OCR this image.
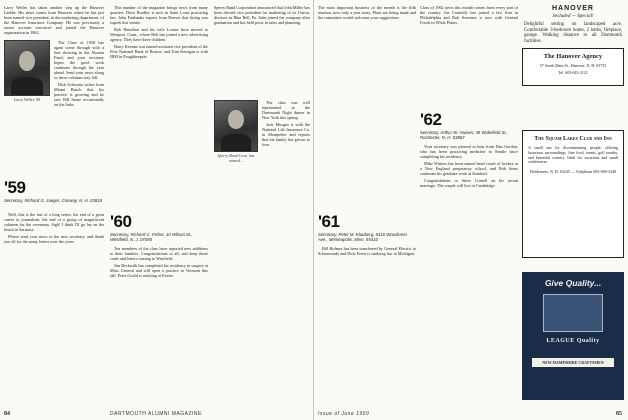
Larry Welles has taken another step up the Hanover Ladder. His news comes from Hanover where he has just been named vice president, in the marketing department, of the Hanover Insurance Company. He was previously a senior account executive and joined the Hanover organization in 1962.

Larry Welles '58

The Class of 1958 has again come through with a fine showing in the Alumni Fund, and your secretary hopes the good work continues through the year ahead. Send your news along so these columns stay full.

Dick Schwartz writes from Miami Beach that his practice is growing and he sees Bill Stone occasionally on the links.

'59
Secretary, Richard G. Jaeger, Conway, N. H. 03818

Well, this is the last of a long series, the end of a great career in journalism, the end of a group of magnificent columns for the ceremony. Sigh! I think I'll go lay on the beach in Sarasota.

Please send your news to the new secretary, and thank you all for the many letters over the years.

This number of the magazine brings news from many quarters. Dave Bradley is now in Saint Louis practicing law. John Fairbanks reports from Denver that skiing was superb this winter.

Bob Hamilton and his wife Louise have moved to Westport, Conn., where Bob has joined a new advertising agency. They have three children.

Harry Keenan was named assistant vice president of the First National Bank of Boston, and Tom Kerrigan is with IBM in Poughkeepsie.

'60
Secretary, Richard C. Fisher, 10 Wilson St., Westfield, N. J. 07090

Ten members of the class have reported new additions to their families. Congratulations to all, and keep those cards and letters coming to Westfield.

Jim Beckwith has completed his residency in surgery at Mass General and will open a practice in Vermont this fall. Peter Gould is teaching at Exeter.

Sperry Rand Corporation announced that John Miller has been elected vice president for marketing of its Univac division in Blue Bell, Pa. John joined the company after graduation and has held posts in sales and planning.

Sperry Rand Corp. has named...

The class was well represented at the Dartmouth Night dinner in New York this spring.

Jack Morgan is with the National Life Insurance Co. in Montpelier and reports that his family has grown to four.

84	DARTMOUTH ALUMNI MAGAZINE

The most important business of the month is the fifth reunion, now only a year away. Plans are being made and the committee would welcome your suggestions.

'61
Secretary, Peter M. Klauberg, 5416 Woodcrest Ave., Minneapolis, Minn. 55410

Bill Holmes has been transferred by General Electric to Schenectady and Dick Ferris is studying law at Michigan.

Class of 1962 news this month comes from every part of the country. Joe Connolly has joined a law firm in Philadelphia and Bob Sweeney is now with General Foods in White Plains.

'62
Secretary, Arthur W. Hoover, 49 Wakefield St., Rochester, N. H. 03867

Your secretary was pleased to hear from Dan Gordon, who has been practicing medicine in Seattle since completing his residency.

Mike Winters has been named head coach of hockey at a New England preparatory school, and Bob Sears continues his graduate work at Stanford.

Congratulations to Steve Cornell on his recent marriage. The couple will live in Cambridge.

HANOVER
Secluded — Special!

Delightful setting on landscaped acre. Comfortable 3-bedroom home, 2 baths, fireplace, garage. Walking distance to all Dartmouth facilities.

The Hanover Agency
57 South Main St., Hanover, N. H. 03755
Tel. 603-643-2121
The Squam Lakes Club and Inn
A small inn for discriminating people, offering luxurious surroundings, fine food, tennis, golf nearby, and beautiful scenery. Ideal for vacations and small conferences.
Holderness, N. H. 03245 — Telephone 603-968-3348
Give Quality...
LEAGUE Quality
NEW HAMPSHIRE CRAFTSMEN
Issue of June 1969	85
